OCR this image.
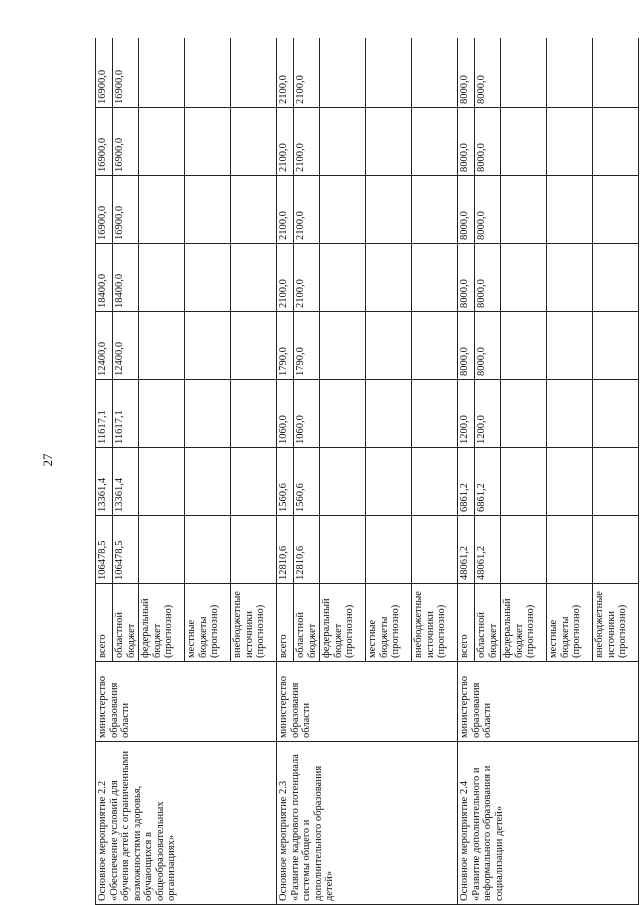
27
Основное мероприятие 2.2 «Обеспечение условий для обучения детей с ограниченными возможностями здоровья, обучающихся в общеобразовательных организациях»	министерство образования области	всего	106478,5	13361,4	11617,1	12400,0	18400,0	16900,0	16900,0	16900,0
		областной бюджет	106478,5	13361,4	11617,1	12400,0	18400,0	16900,0	16900,0	16900,0
		федеральный бюджет (прогнозно)								
		местные бюджеты (прогнозно)								
		внебюджетные источники (прогнозно)								
Основное мероприятие 2.3 «Развитие кадрового потенциала системы общего и дополнительного образования детей»	министерство образования области	всего	12810,6	1560,6	1060,0	1790,0	2100,0	2100,0	2100,0	2100,0
		областной бюджет	12810,6	1560,6	1060,0	1790,0	2100,0	2100,0	2100,0	2100,0
		федеральный бюджет (прогнозно)								
		местные бюджеты (прогнозно)								
		внебюджетные источники (прогнозно)								
Основное мероприятие 2.4 «Развитие дополнительного и неформального образования и социализации детей»	министерство образования области	всего	48061,2	6861,2	1200,0	8000,0	8000,0	8000,0	8000,0	8000,0
		областной бюджет	48061,2	6861,2	1200,0	8000,0	8000,0	8000,0	8000,0	8000,0
		федеральный бюджет (прогнозно)								
		местные бюджеты (прогнозно)								
		внебюджетные источники (прогнозно)								
